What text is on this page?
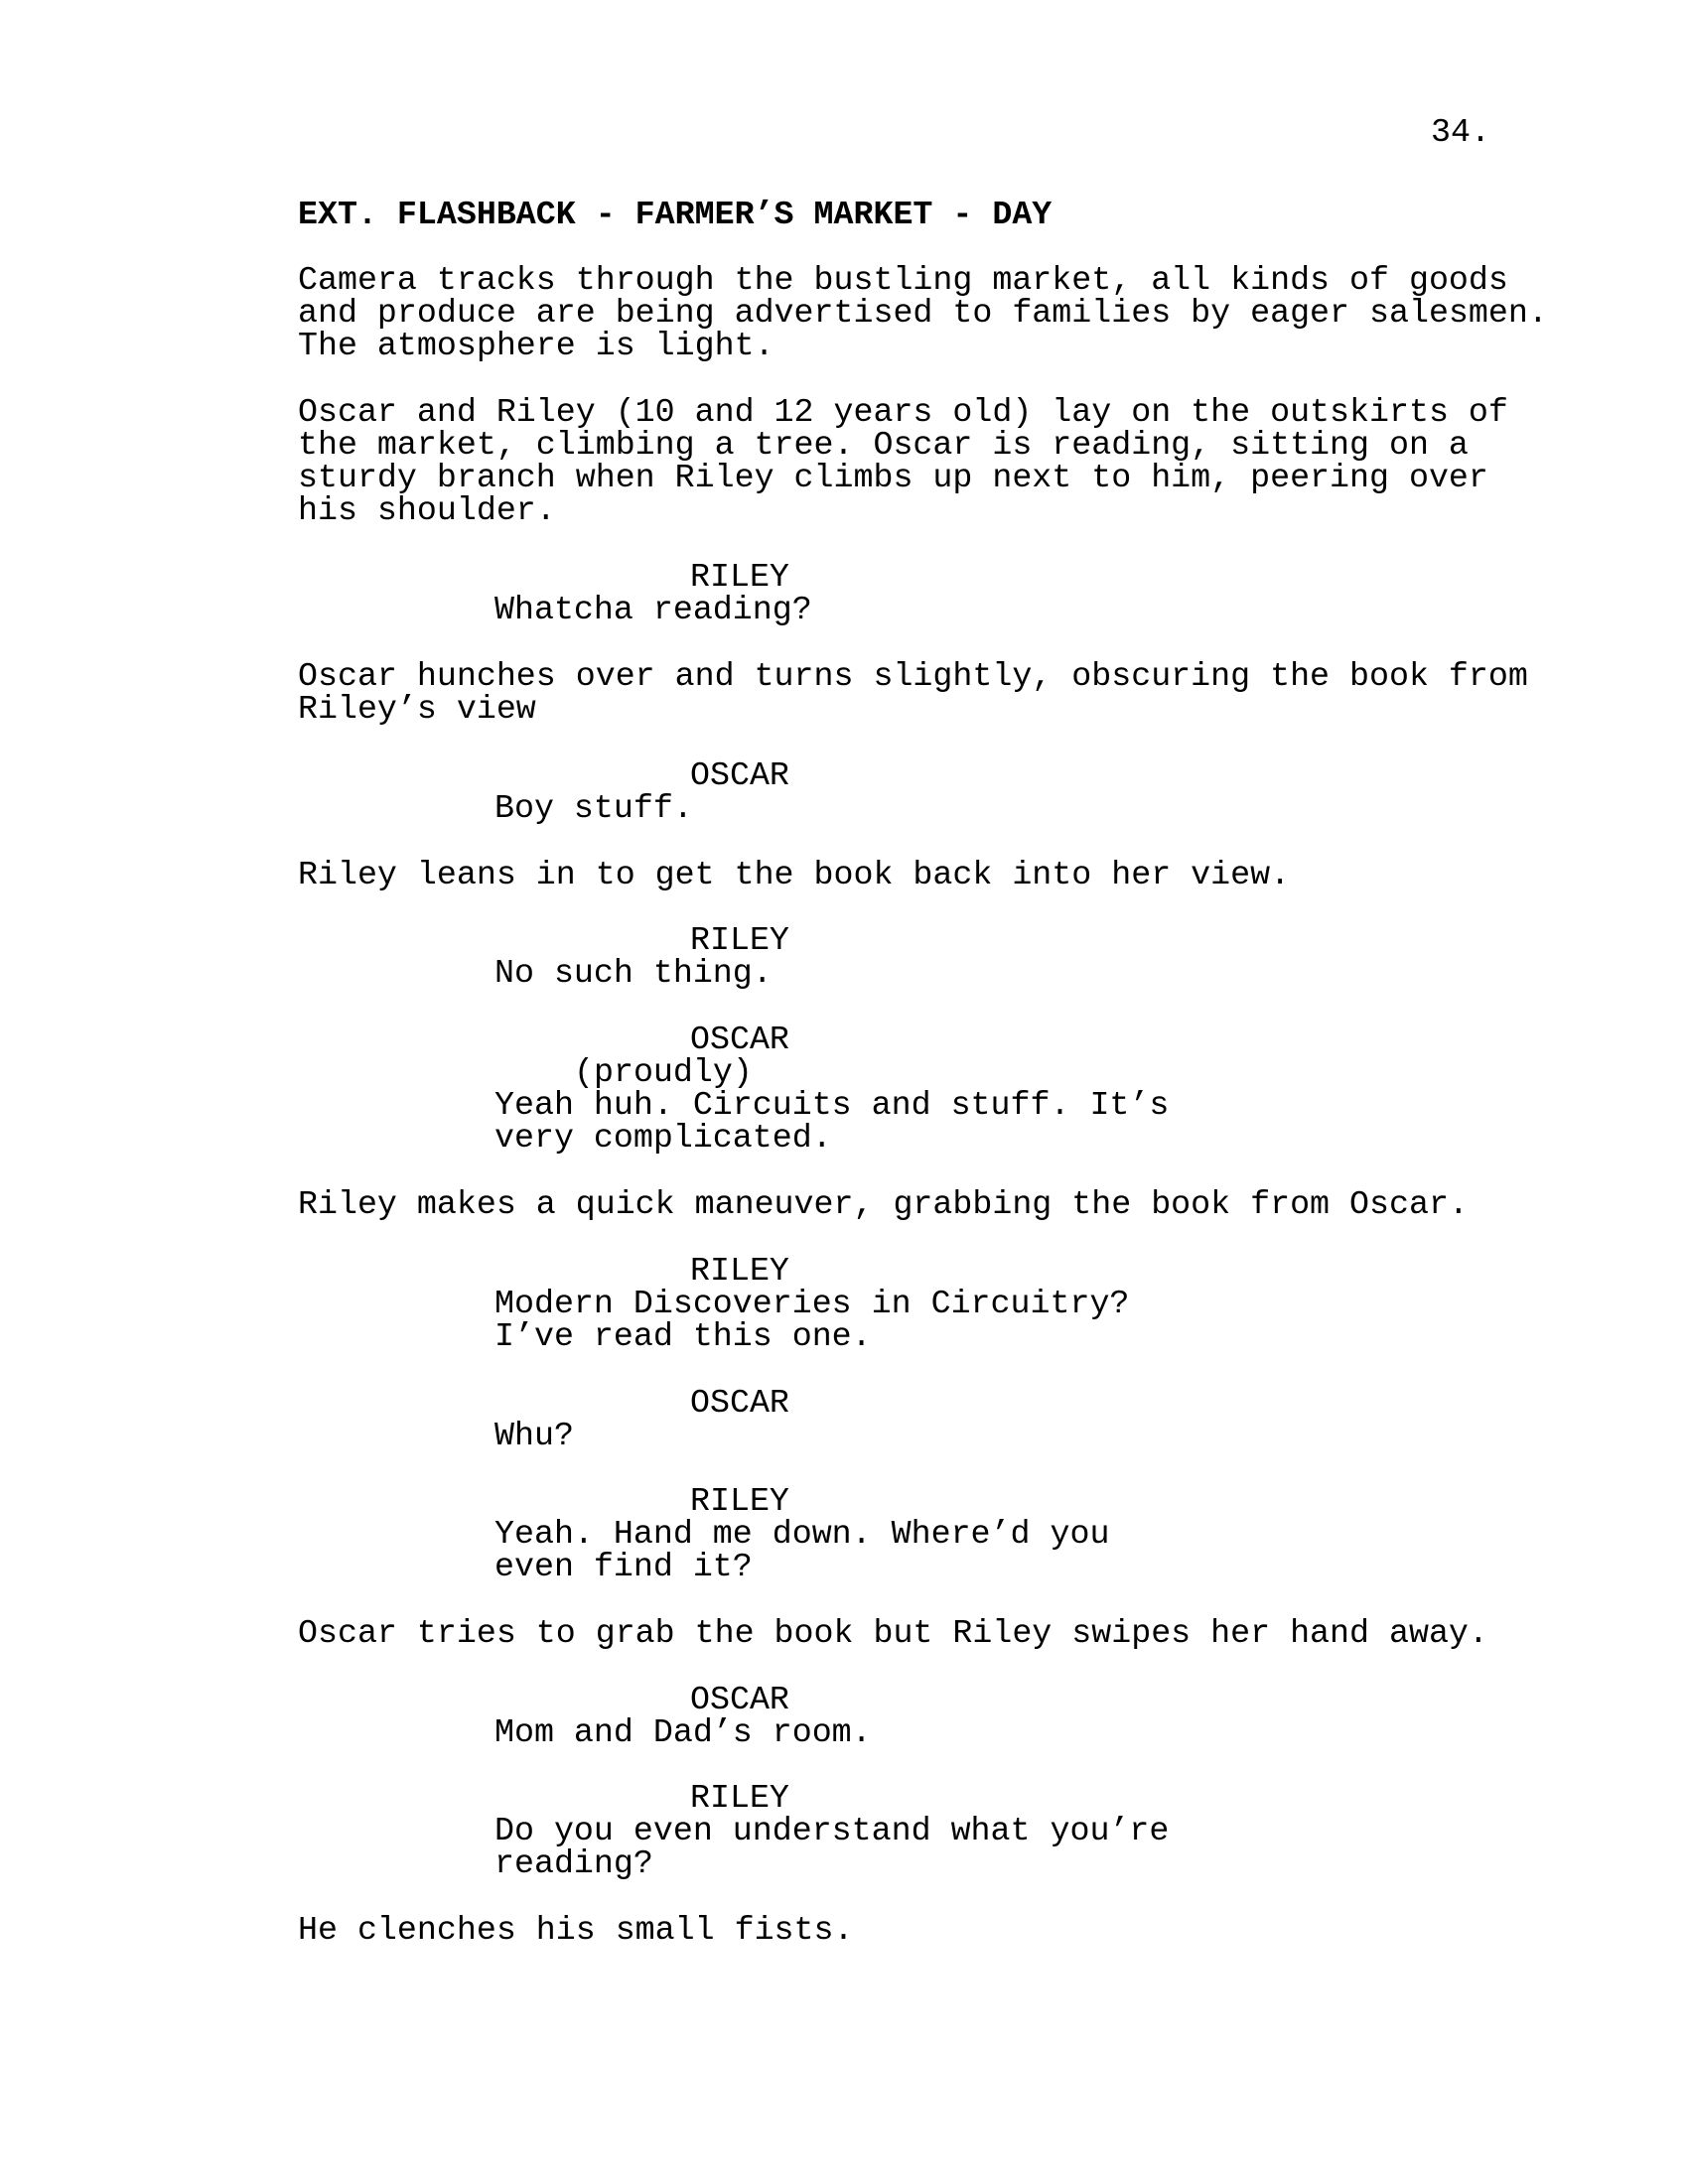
34.
EXT. FLASHBACK - FARMER’S MARKET - DAY
Camera tracks through the bustling market, all kinds of goods
and produce are being advertised to families by eager salesmen.
The atmosphere is light.
Oscar and Riley (10 and 12 years old) lay on the outskirts of
the market, climbing a tree. Oscar is reading, sitting on a
sturdy branch when Riley climbs up next to him, peering over
his shoulder.
RILEY
Whatcha reading?
Oscar hunches over and turns slightly, obscuring the book from
Riley’s view
OSCAR
Boy stuff.
Riley leans in to get the book back into her view.
RILEY
No such thing.
OSCAR
(proudly)
Yeah huh. Circuits and stuff. It’s
very complicated.
Riley makes a quick maneuver, grabbing the book from Oscar.
RILEY
Modern Discoveries in Circuitry?
I’ve read this one.
OSCAR
Whu?
RILEY
Yeah. Hand me down. Where’d you
even find it?
Oscar tries to grab the book but Riley swipes her hand away.
OSCAR
Mom and Dad’s room.
RILEY
Do you even understand what you’re
reading?
He clenches his small fists.
